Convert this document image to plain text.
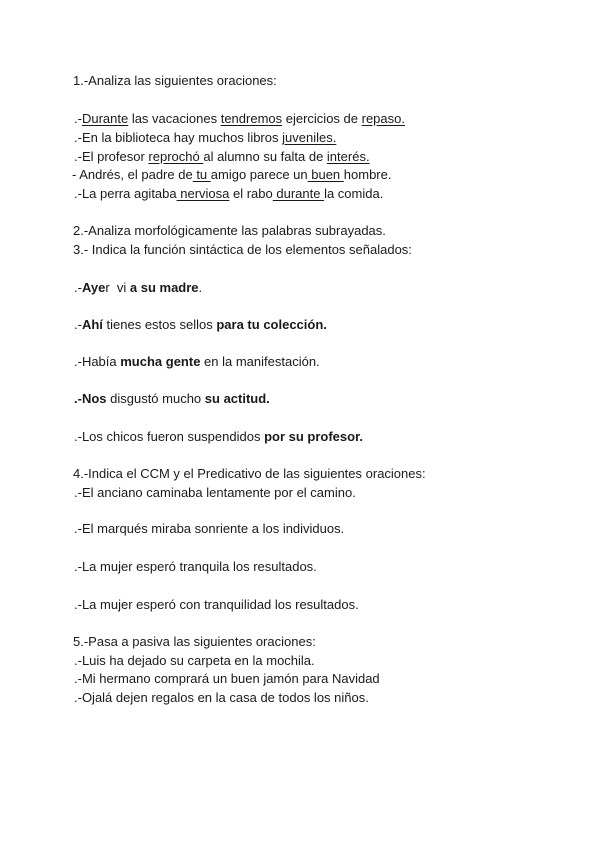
1.-Analiza las siguientes oraciones:
.-Durante las vacaciones tendremos ejercicios de repaso.
.-En la biblioteca hay muchos libros juveniles.
.-El profesor reprochó al alumno su falta de interés.
- Andrés, el padre de tu amigo parece un buen hombre.
.-La perra agitaba nerviosa el rabo durante la comida.
2.-Analiza morfológicamente las palabras subrayadas.
3.- Indica la función sintáctica de los elementos señalados:
.-Ayer  vi a su madre.
.-Ahí tienes estos sellos para tu colección.
.-Había mucha gente en la manifestación.
.-Nos disgustó mucho su actitud.
.-Los chicos fueron suspendidos por su profesor.
4.-Indica el CCM y el Predicativo de las siguientes oraciones:
.-El anciano caminaba lentamente por el camino.
.-El marqués miraba sonriente a los individuos.
.-La mujer esperó tranquila los resultados.
.-La mujer esperó con tranquilidad los resultados.
5.-Pasa a pasiva las siguientes oraciones:
.-Luis ha dejado su carpeta en la mochila.
.-Mi hermano comprará un buen jamón para Navidad
.-Ojalá dejen regalos en la casa de todos los niños.
